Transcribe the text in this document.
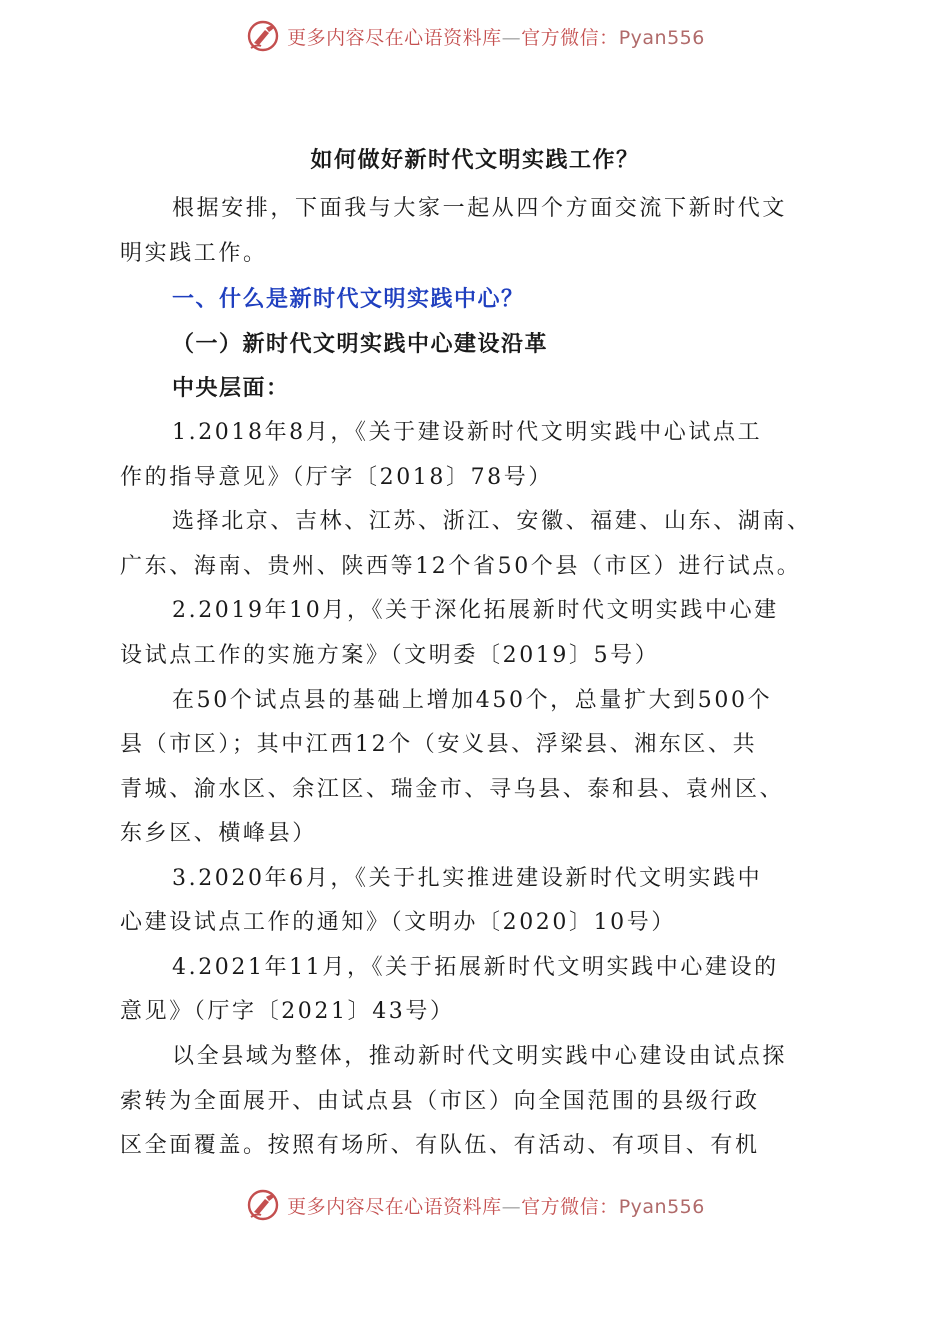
更多内容尽在心语资料库—官方微信：Pyan556
如何做好新时代文明实践工作？
根据安排，下面我与大家一起从四个方面交流下新时代文
明实践工作。
一、什么是新时代文明实践中心？
（一）新时代文明实践中心建设沿革
中央层面：
1.2018年8月，《关于建设新时代文明实践中心试点工
作的指导意见》（厅字〔2018〕78号）
选择北京、吉林、江苏、浙江、安徽、福建、山东、湖南、
广东、海南、贵州、陕西等12个省50个县（市区）进行试点。
2.2019年10月，《关于深化拓展新时代文明实践中心建
设试点工作的实施方案》（文明委〔2019〕5号）
在50个试点县的基础上增加450个，总量扩大到500个
县（市区）；其中江西12个（安义县、浮梁县、湘东区、共
青城、渝水区、余江区、瑞金市、寻乌县、泰和县、袁州区、
东乡区、横峰县）
3.2020年6月，《关于扎实推进建设新时代文明实践中
心建设试点工作的通知》（文明办〔2020〕10号）
4.2021年11月，《关于拓展新时代文明实践中心建设的
意见》（厅字〔2021〕43号）
以全县域为整体，推动新时代文明实践中心建设由试点探
索转为全面展开、由试点县（市区）向全国范围的县级行政
区全面覆盖。按照有场所、有队伍、有活动、有项目、有机
更多内容尽在心语资料库—官方微信：Pyan556
